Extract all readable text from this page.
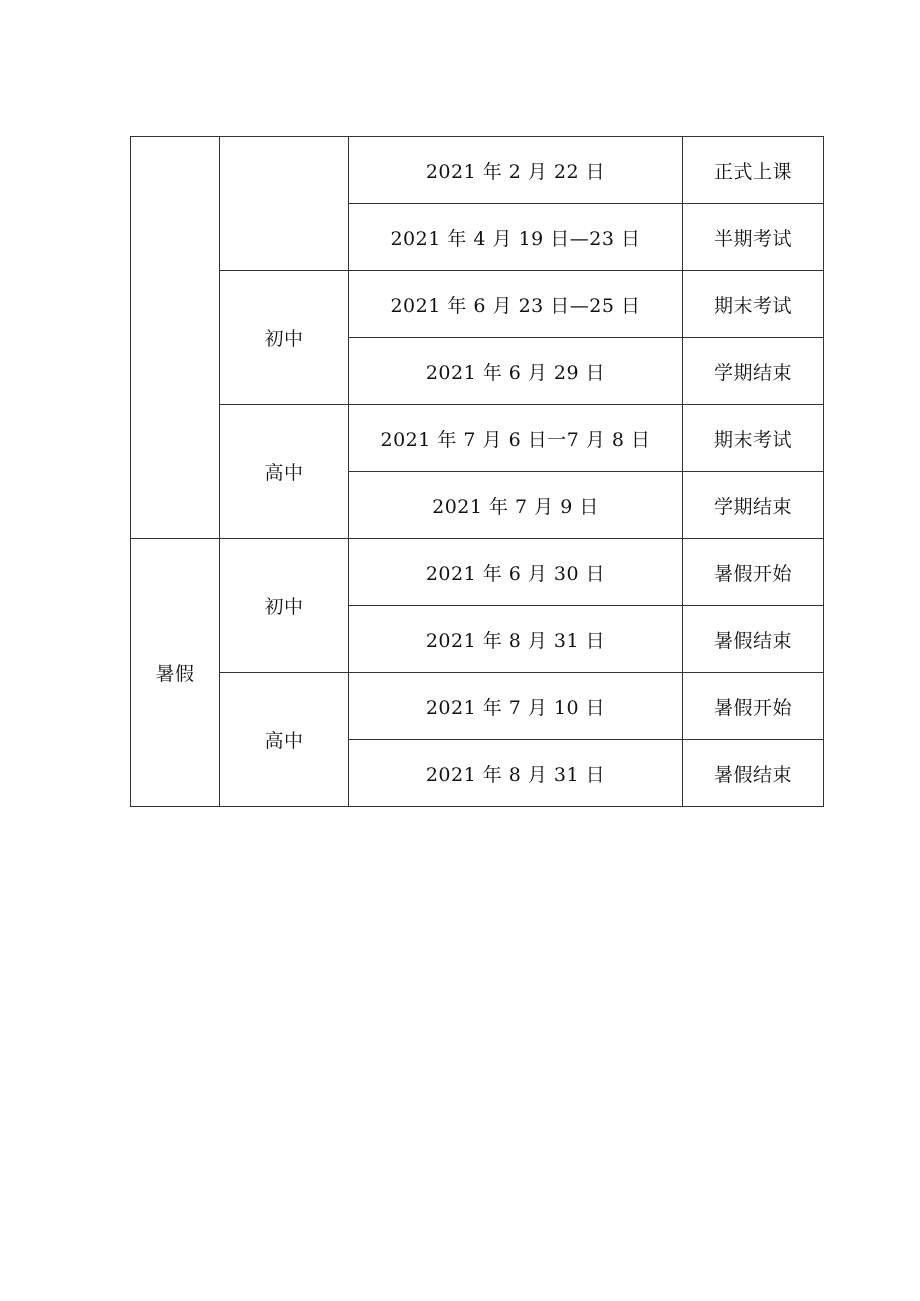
		2021 年 2 月 22 日	正式上课
		2021 年 4 月 19 日—23 日	半期考试
	初中	2021 年 6 月 23 日—25 日	期末考试
		2021 年 6 月 29 日	学期结束
	高中	2021 年 7 月 6 日一7 月 8 日	期末考试
		2021 年 7 月 9 日	学期结束
暑假	初中	2021 年 6 月 30 日	暑假开始
		2021 年 8 月 31 日	暑假结束
	高中	2021 年 7 月 10 日	暑假开始
		2021 年 8 月 31 日	暑假结束
